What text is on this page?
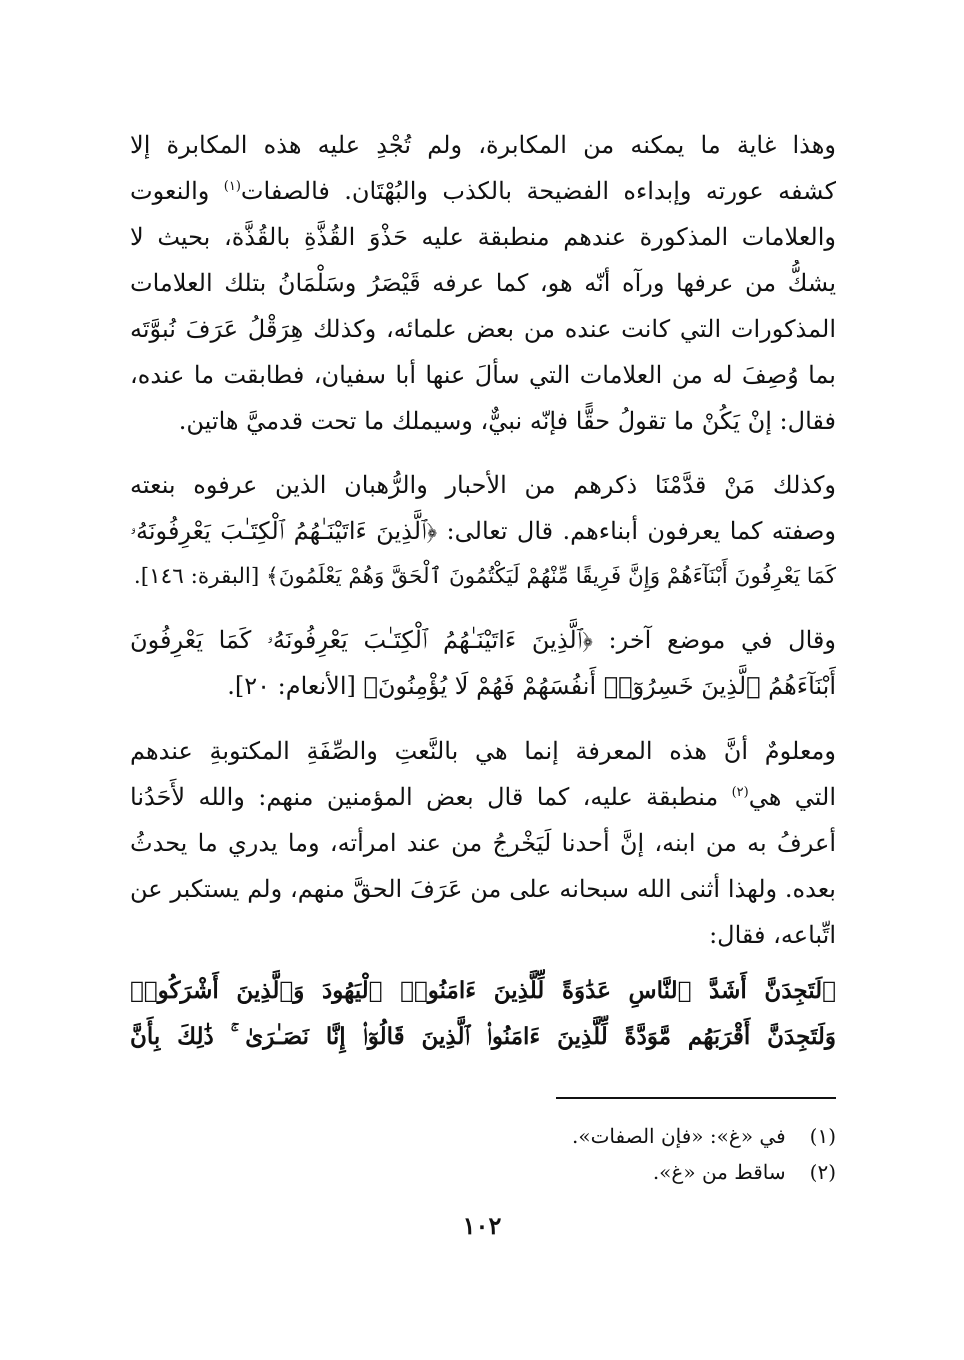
وهذا غاية ما يمكنه من المكابرة، ولم تُجْدِ عليه هذه المكابرة إلا
كشفه عورته وإبداءه الفضيحة بالكذب والبُهْتَان. فالصفات$^{(١)}$ والنعوت
والعلامات المذكورة عندهم منطبقة عليه حَذْوَ القُذَّةِ بالقُذَّة، بحيث لا
يشكُّ من عرفها ورآه أنّه هو، كما عرفه قَيْصَرُ وسَلْمَانُ بتلك العلامات
المذكورات التي كانت عنده من بعض علمائه، وكذلك هِرَقْلُ عَرَفَ نُبوَّتَه
بما وُصِفَ له من العلامات التي سألَ عنها أبا سفيان، فطابقت ما عنده،
فقال: إنْ يَكُنْ ما تقولُ حقًّا فإنّه نبيٌّ، وسيملك ما تحت قدميَّ هاتين.
وكذلك مَنْ قدَّمْنَا ذكرهم من الأحبار والرُّهبان الذين عرفوه بنعته
وصفته كما يعرفون أبناءهم. قال تعالى: ﴿ٱلَّذِينَ ءَاتَيْنَـٰهُمُ ٱلْكِتَـٰبَ يَعْرِفُونَهُۥ
كَمَا يَعْرِفُونَ أَبْنَآءَهُمْ وَإِنَّ فَرِيقًا مِّنْهُمْ لَيَكْتُمُونَ ٱلْحَقَّ وَهُمْ يَعْلَمُونَ﴾ [البقرة: ١٤٦].
وقال في موضع آخر: ﴿ٱلَّذِينَ ءَاتَيْنَـٰهُمُ ٱلْكِتَـٰبَ يَعْرِفُونَهُۥ كَمَا يَعْرِفُونَ
أَبْنَآءَهُمُ ٱلَّذِينَ خَسِرُوٓا۟ أَنفُسَهُمْ فَهُمْ لَا يُؤْمِنُونَ﴾ [الأنعام: ٢٠].
ومعلومٌ أنَّ هذه المعرفة إنما هي بالنَّعتِ والصِّفَةِ المكتوبةِ عندهم
التي هي$^{(٢)}$ منطبقة عليه، كما قال بعض المؤمنين منهم: والله لأَحَدُنا
أعرفُ به من ابنه، إنَّ أحدنا لَيَخْرجُ من عند امرأته، وما يدري ما يحدثُ
بعده. ولهذا أثنى الله سبحانه على من عَرَفَ الحقَّ منهم، ولم يستكبر عن
اتِّباعه، فقال:
﴿لَتَجِدَنَّ أَشَدَّ ٱلنَّاسِ عَدَٰوَةً لِّلَّذِينَ ءَامَنُوا۟ ٱلْيَهُودَ وَٱلَّذِينَ أَشْرَكُوا۟
وَلَتَجِدَنَّ أَقْرَبَهُم مَّوَدَّةً لِّلَّذِينَ ءَامَنُوا۟ ٱلَّذِينَ قَالُوٓا۟ إِنَّا نَصَـٰرَىٰ ۚ ذَٰلِكَ بِأَنَّ
(١) في «غ»: «فإن الصفات».
(٢) ساقط من «غ».
١٠٢
